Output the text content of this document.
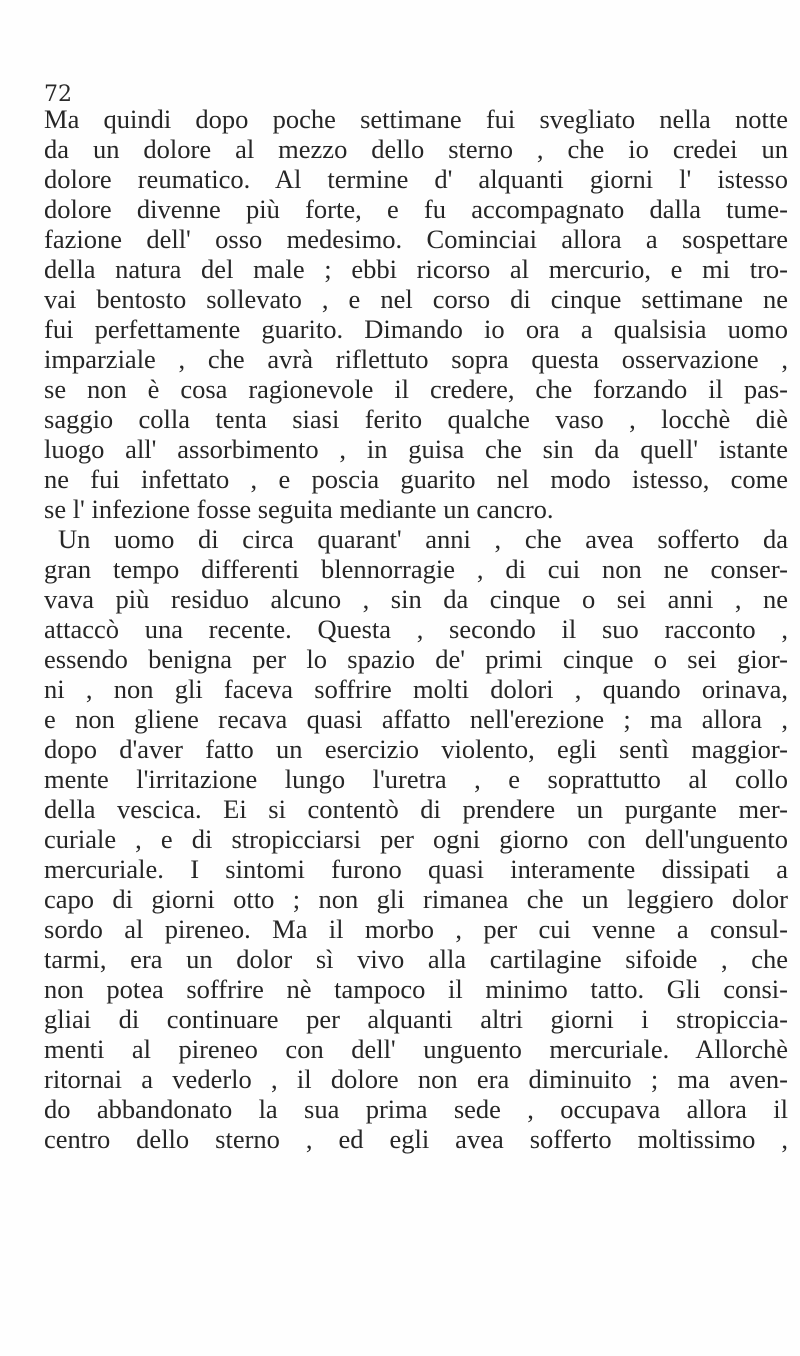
72
Ma quindi dopo poche settimane fui svegliato nella notte
da un dolore al mezzo dello sterno , che io credei un
dolore reumatico. Al termine d' alquanti giorni l' istesso
dolore divenne più forte, e fu accompagnato dalla tume-
fazione dell' osso medesimo. Cominciai allora a sospettare
della natura del male ; ebbi ricorso al mercurio, e mi tro-
vai bentosto sollevato , e nel corso di cinque settimane ne
fui perfettamente guarito. Dimando io ora a qualsisia uomo
imparziale , che avrà riflettuto sopra questa osservazione ,
se non è cosa ragionevole il credere, che forzando il pas-
saggio colla tenta siasi ferito qualche vaso , locchè diè
luogo all' assorbimento , in guisa che sin da quell' istante
ne fui infettato , e poscia guarito nel modo istesso, come
se l' infezione fosse seguita mediante un cancro.
Un uomo di circa quarant' anni , che avea sofferto da
gran tempo differenti blennorragie , di cui non ne conser-
vava più residuo alcuno , sin da cinque o sei anni , ne
attaccò una recente. Questa , secondo il suo racconto ,
essendo benigna per lo spazio de' primi cinque o sei gior-
ni , non gli faceva soffrire molti dolori , quando orinava,
e non gliene recava quasi affatto nell'erezione ; ma allora ,
dopo d'aver fatto un esercizio violento, egli sentì maggior-
mente l'irritazione lungo l'uretra , e soprattutto al collo
della vescica. Ei si contentò di prendere un purgante mer-
curiale , e di stropicciarsi per ogni giorno con dell'unguento
mercuriale. I sintomi furono quasi interamente dissipati a
capo di giorni otto ; non gli rimanea che un leggiero dolor
sordo al pireneo. Ma il morbo , per cui venne a consul-
tarmi, era un dolor sì vivo alla cartilagine sifoide , che
non potea soffrire nè tampoco il minimo tatto. Gli consi-
gliai di continuare per alquanti altri giorni i stropiccia-
menti al pireneo con dell' unguento mercuriale. Allorchè
ritornai a vederlo , il dolore non era diminuito ; ma aven-
do abbandonato la sua prima sede , occupava allora il
centro dello sterno , ed egli avea sofferto moltissimo ,
